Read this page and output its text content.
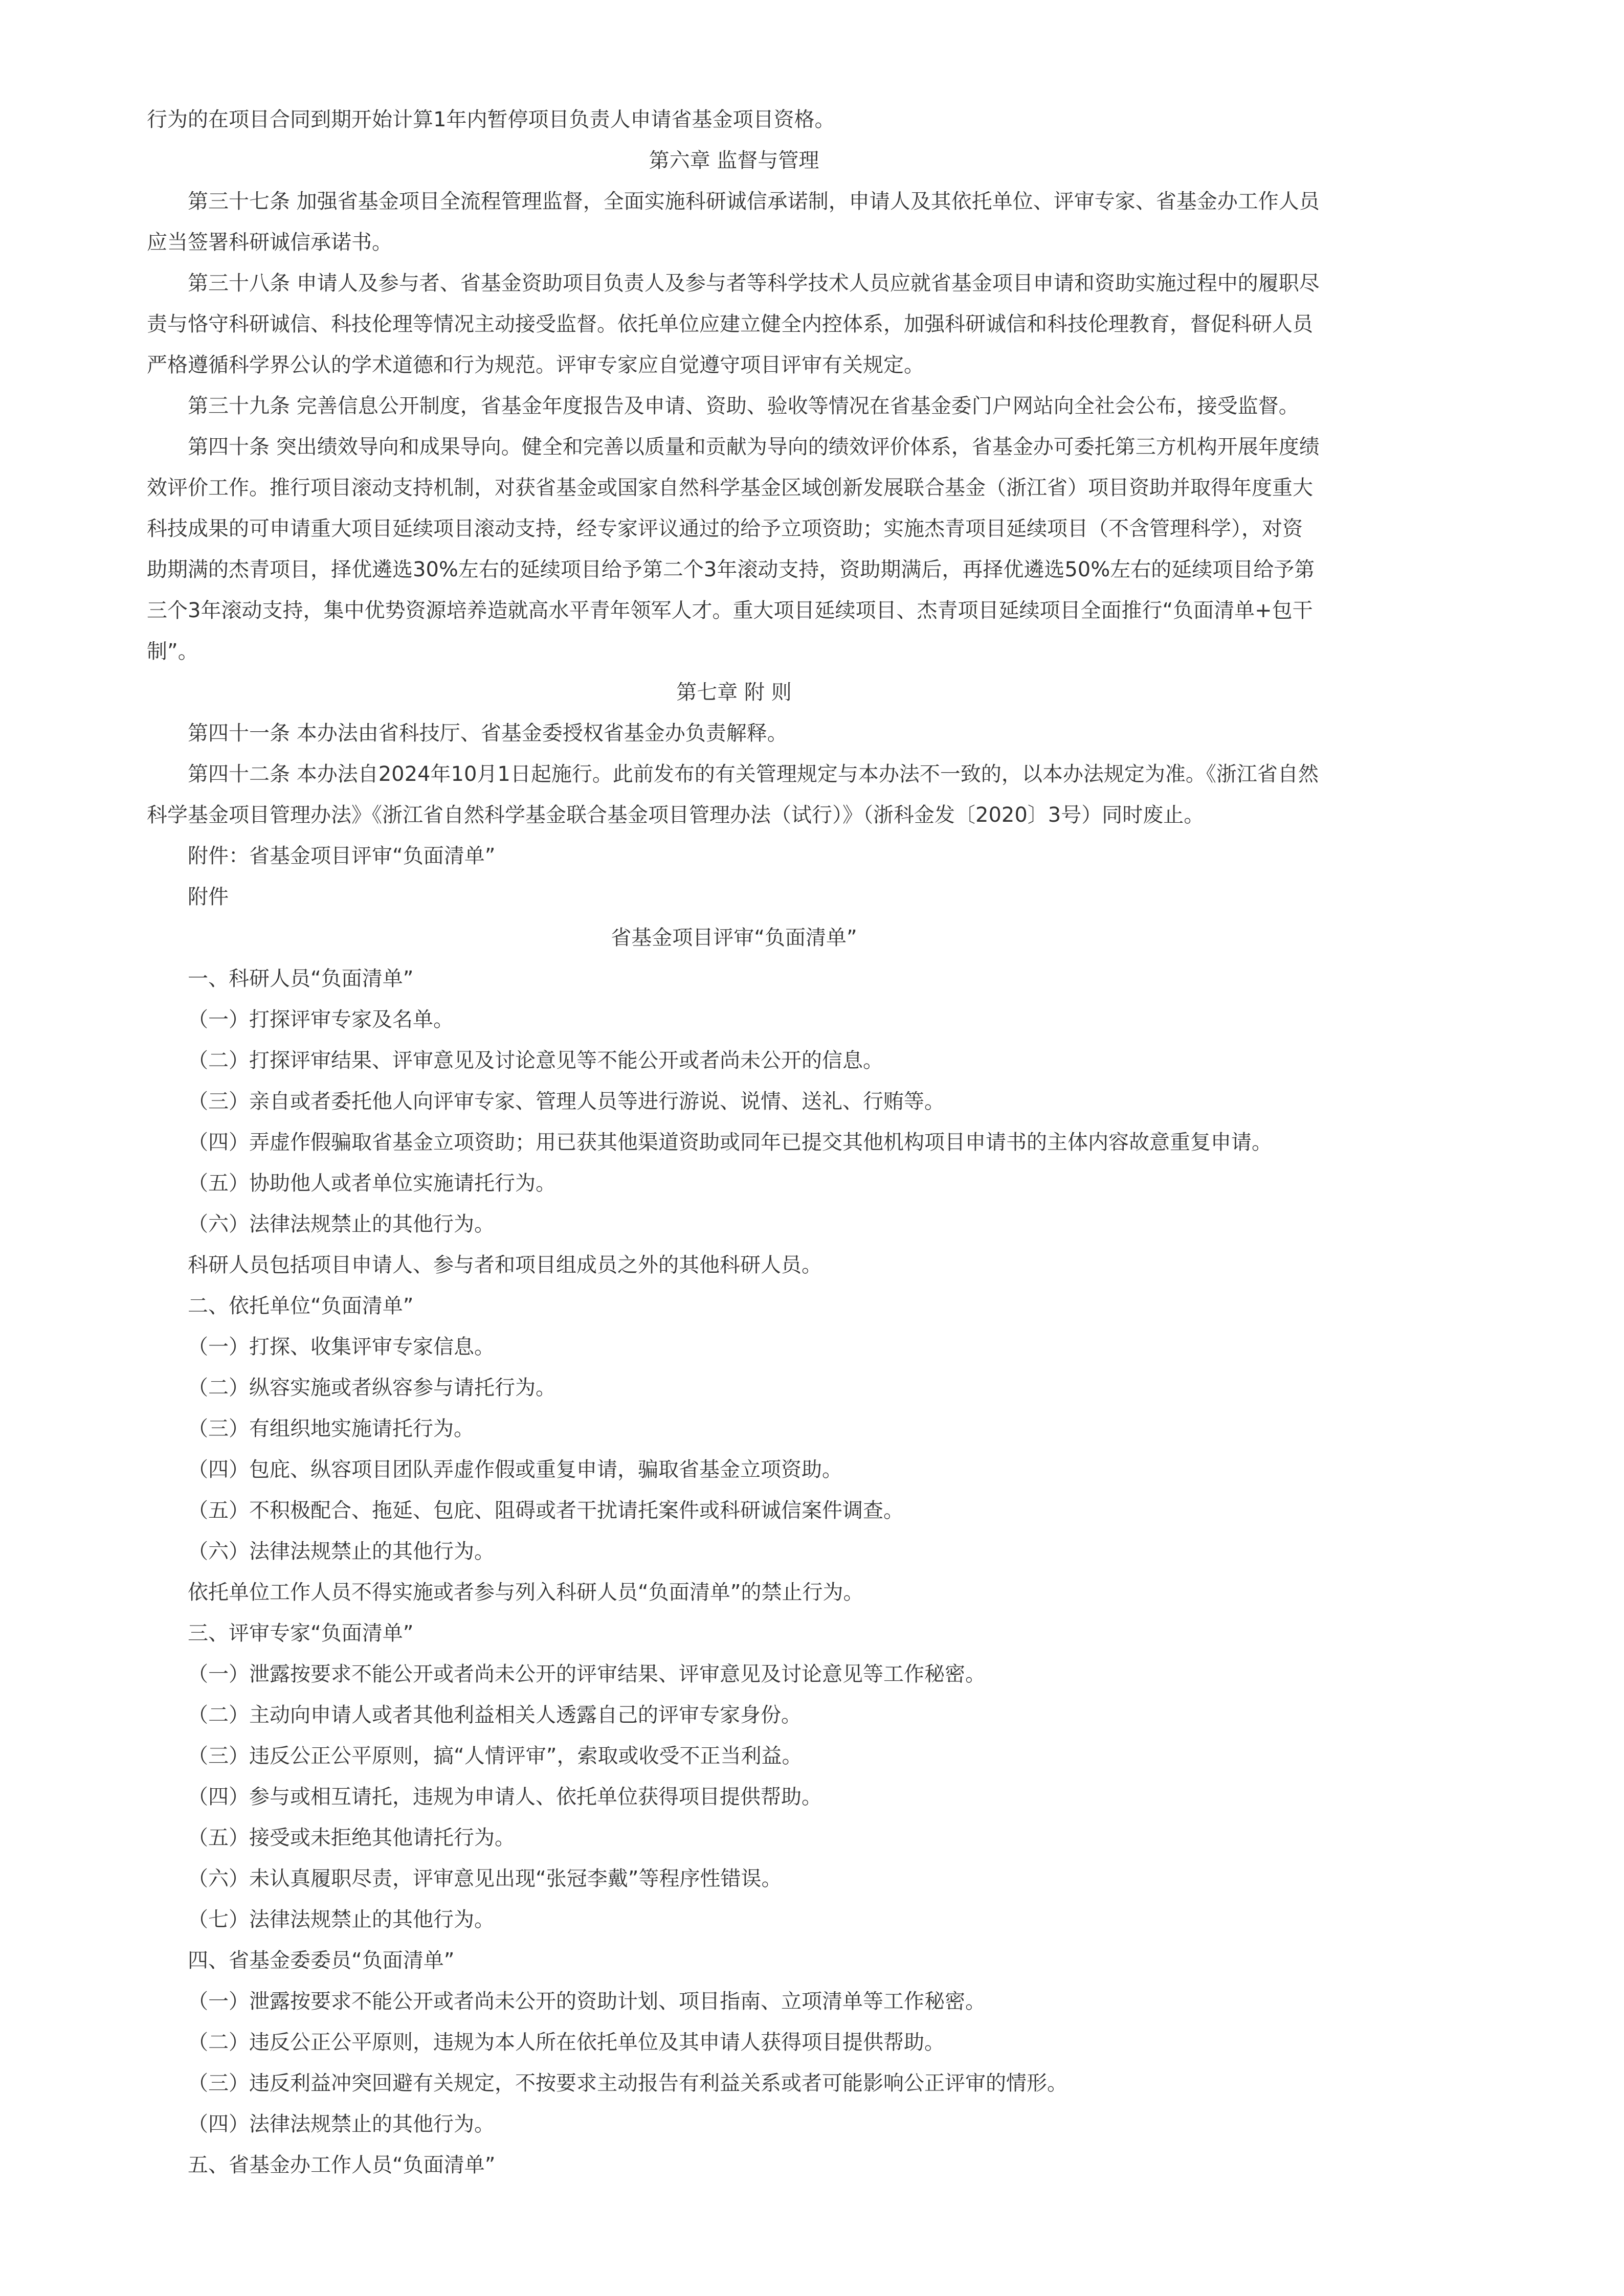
行为的在项目合同到期开始计算1年内暂停项目负责人申请省基金项目资格。
第六章 监督与管理
第三十七条 加强省基金项目全流程管理监督，全面实施科研诚信承诺制，申请人及其依托单位、评审专家、省基金办工作人员
应当签署科研诚信承诺书。
第三十八条 申请人及参与者、省基金资助项目负责人及参与者等科学技术人员应就省基金项目申请和资助实施过程中的履职尽
责与恪守科研诚信、科技伦理等情况主动接受监督。依托单位应建立健全内控体系，加强科研诚信和科技伦理教育，督促科研人员
严格遵循科学界公认的学术道德和行为规范。评审专家应自觉遵守项目评审有关规定。
第三十九条 完善信息公开制度，省基金年度报告及申请、资助、验收等情况在省基金委门户网站向全社会公布，接受监督。
第四十条 突出绩效导向和成果导向。健全和完善以质量和贡献为导向的绩效评价体系，省基金办可委托第三方机构开展年度绩
效评价工作。推行项目滚动支持机制，对获省基金或国家自然科学基金区域创新发展联合基金（浙江省）项目资助并取得年度重大
科技成果的可申请重大项目延续项目滚动支持，经专家评议通过的给予立项资助；实施杰青项目延续项目（不含管理科学），对资
助期满的杰青项目，择优遴选30%左右的延续项目给予第二个3年滚动支持，资助期满后，再择优遴选50%左右的延续项目给予第
三个3年滚动支持，集中优势资源培养造就高水平青年领军人才。重大项目延续项目、杰青项目延续项目全面推行“负面清单+包干
制”。
第七章 附 则
第四十一条 本办法由省科技厅、省基金委授权省基金办负责解释。
第四十二条 本办法自2024年10月1日起施行。此前发布的有关管理规定与本办法不一致的，以本办法规定为准。《浙江省自然
科学基金项目管理办法》《浙江省自然科学基金联合基金项目管理办法（试行）》（浙科金发〔2020〕3号）同时废止。
附件：省基金项目评审“负面清单”
附件
省基金项目评审“负面清单”
一、科研人员“负面清单”
（一）打探评审专家及名单。
（二）打探评审结果、评审意见及讨论意见等不能公开或者尚未公开的信息。
（三）亲自或者委托他人向评审专家、管理人员等进行游说、说情、送礼、行贿等。
（四）弄虚作假骗取省基金立项资助；用已获其他渠道资助或同年已提交其他机构项目申请书的主体内容故意重复申请。
（五）协助他人或者单位实施请托行为。
（六）法律法规禁止的其他行为。
科研人员包括项目申请人、参与者和项目组成员之外的其他科研人员。
二、依托单位“负面清单”
（一）打探、收集评审专家信息。
（二）纵容实施或者纵容参与请托行为。
（三）有组织地实施请托行为。
（四）包庇、纵容项目团队弄虚作假或重复申请，骗取省基金立项资助。
（五）不积极配合、拖延、包庇、阻碍或者干扰请托案件或科研诚信案件调查。
（六）法律法规禁止的其他行为。
依托单位工作人员不得实施或者参与列入科研人员“负面清单”的禁止行为。
三、评审专家“负面清单”
（一）泄露按要求不能公开或者尚未公开的评审结果、评审意见及讨论意见等工作秘密。
（二）主动向申请人或者其他利益相关人透露自己的评审专家身份。
（三）违反公正公平原则，搞“人情评审”，索取或收受不正当利益。
（四）参与或相互请托，违规为申请人、依托单位获得项目提供帮助。
（五）接受或未拒绝其他请托行为。
（六）未认真履职尽责，评审意见出现“张冠李戴”等程序性错误。
（七）法律法规禁止的其他行为。
四、省基金委委员“负面清单”
（一）泄露按要求不能公开或者尚未公开的资助计划、项目指南、立项清单等工作秘密。
（二）违反公正公平原则，违规为本人所在依托单位及其申请人获得项目提供帮助。
（三）违反利益冲突回避有关规定，不按要求主动报告有利益关系或者可能影响公正评审的情形。
（四）法律法规禁止的其他行为。
五、省基金办工作人员“负面清单”
